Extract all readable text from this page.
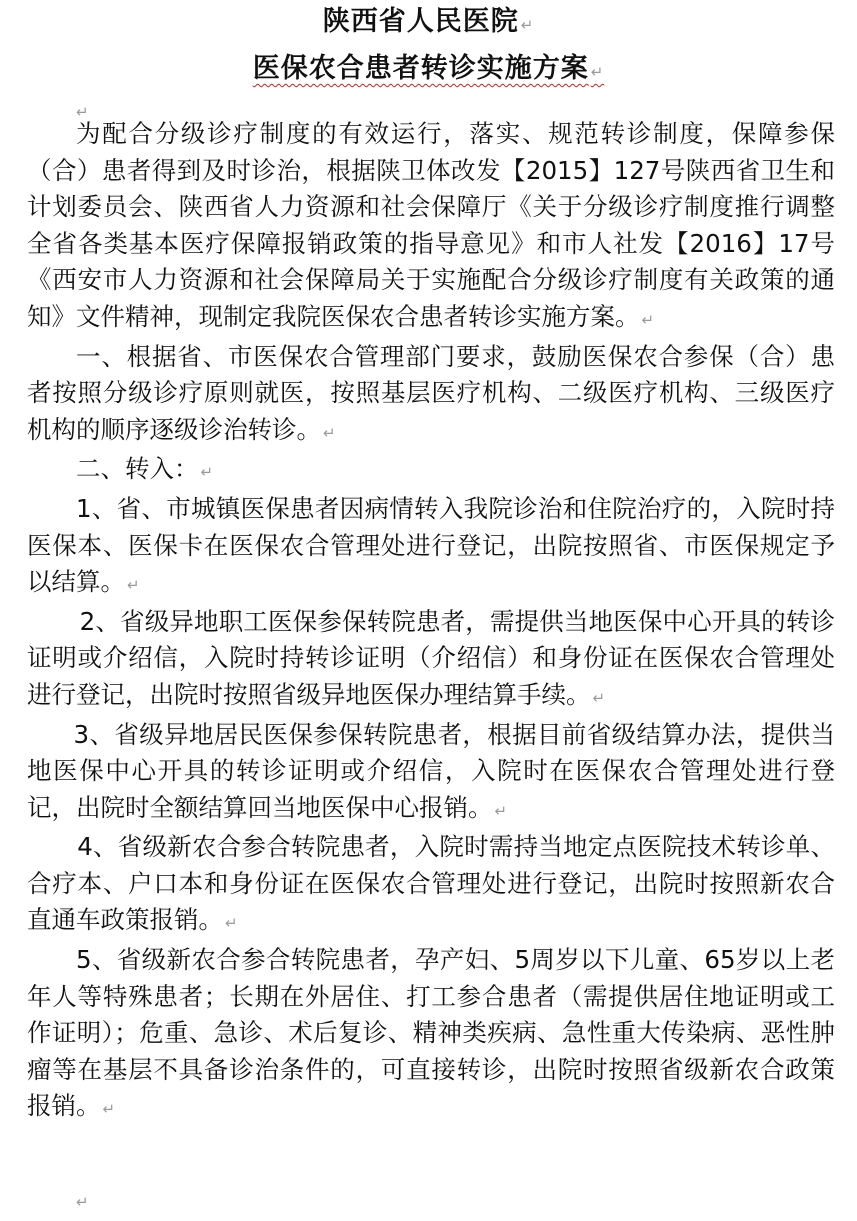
陕西省人民医院 ↵

医保农合患者转诊实施方案 ↵

↵

为配合分级诊疗制度的有效运行，落实、规范转诊制度，保障参保（合）患者得到及时诊治，根据陕卫体改发【2015】127号陕西省卫生和计划委员会、陕西省人力资源和社会保障厅《关于分级诊疗制度推行调整全省各类基本医疗保障报销政策的指导意见》和市人社发【2016】17号《西安市人力资源和社会保障局关于实施配合分级诊疗制度有关政策的通知》文件精神，现制定我院医保农合患者转诊实施方案。 ↵

一、根据省、市医保农合管理部门要求，鼓励医保农合参保（合）患者按照分级诊疗原则就医，按照基层医疗机构、二级医疗机构、三级医疗机构的顺序逐级诊治转诊。 ↵

二、转入： ↵

1、省、市城镇医保患者因病情转入我院诊治和住院治疗的，入院时持医保本、医保卡在医保农合管理处进行登记，出院按照省、市医保规定予以结算。 ↵

2、省级异地职工医保参保转院患者，需提供当地医保中心开具的转诊证明或介绍信，入院时持转诊证明（介绍信）和身份证在医保农合管理处进行登记，出院时按照省级异地医保办理结算手续。 ↵

3、省级异地居民医保参保转院患者，根据目前省级结算办法，提供当地医保中心开具的转诊证明或介绍信，入院时在医保农合管理处进行登记，出院时全额结算回当地医保中心报销。 ↵

4、省级新农合参合转院患者，入院时需持当地定点医院技术转诊单、合疗本、户口本和身份证在医保农合管理处进行登记，出院时按照新农合直通车政策报销。 ↵

5、省级新农合参合转院患者，孕产妇、5周岁以下儿童、65岁以上老年人等特殊患者；长期在外居住、打工参合患者（需提供居住地证明或工作证明）；危重、急诊、术后复诊、精神类疾病、急性重大传染病、恶性肿瘤等在基层不具备诊治条件的，可直接转诊，出院时按照省级新农合政策报销。 ↵

↵
